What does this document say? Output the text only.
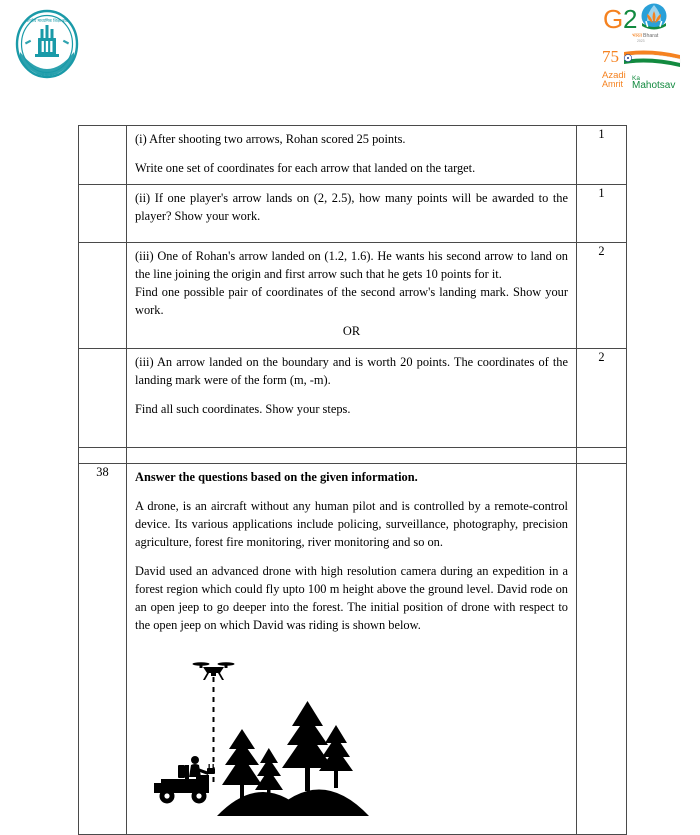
केन्द्रीय माध्यमिक शिक्षा बोर्ड
भारत
असतो मा सद्गमय
G 2
भारत Bharat
2023
75
Azadi Ka
Amrit Mahotsav

	(i) After shooting two arrows, Rohan scored 25 points.

Write one set of coordinates for each arrow that landed on the target.	1

	(ii) If one player's arrow lands on (2, 2.5), how many points will be awarded to the player? Show your work.	1

	(iii) One of Rohan's arrow landed on (1.2, 1.6). He wants his second arrow to land on the line joining the origin and first arrow such that he gets 10 points for it.

Find one possible pair of coordinates of the second arrow's landing mark. Show your work.

OR	2

	(iii) An arrow landed on the boundary and is worth 20 points. The coordinates of the landing mark were of the form (m, -m).

Find all such coordinates. Show your steps.	2

38	Answer the questions based on the given information.

A drone, is an aircraft without any human pilot and is controlled by a remote-control device. Its various applications include policing, surveillance, photography, precision agriculture, forest fire monitoring, river monitoring and so on.

David used an advanced drone with high resolution camera during an expedition in a forest region which could fly upto 100 m height above the ground level. David rode on an open jeep to go deeper into the forest. The initial position of drone with respect to the open jeep on which David was riding is shown below.	
